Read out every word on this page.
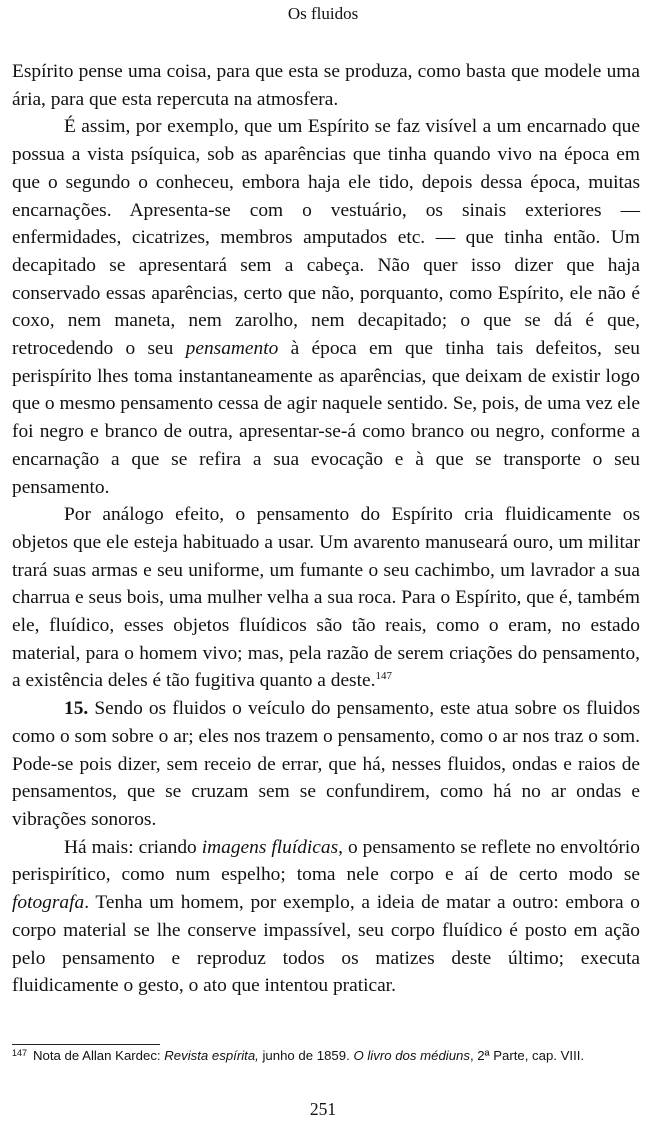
Os fluidos

Espírito pense uma coisa, para que esta se produza, como basta que modele uma ária, para que esta repercuta na atmosfera.

É assim, por exemplo, que um Espírito se faz visível a um encarnado que possua a vista psíquica, sob as aparências que tinha quando vivo na época em que o segundo o conheceu, embora haja ele tido, depois dessa época, muitas encarnações. Apresenta-se com o vestuário, os sinais exteriores — enfermidades, cicatrizes, membros amputados etc. — que tinha então. Um decapitado se apresentará sem a cabeça. Não quer isso dizer que haja conservado essas aparências, certo que não, porquanto, como Espírito, ele não é coxo, nem maneta, nem zarolho, nem decapitado; o que se dá é que, retrocedendo o seu pensamento à época em que tinha tais defeitos, seu perispírito lhes toma instantaneamente as aparências, que deixam de existir logo que o mesmo pensamento cessa de agir naquele sentido. Se, pois, de uma vez ele foi negro e branco de outra, apresentar-se-á como branco ou negro, conforme a encarnação a que se refira a sua evocação e à que se transporte o seu pensamento.

Por análogo efeito, o pensamento do Espírito cria fluidicamente os objetos que ele esteja habituado a usar. Um avarento manuseará ouro, um militar trará suas armas e seu uniforme, um fumante o seu cachimbo, um lavrador a sua charrua e seus bois, uma mulher velha a sua roca. Para o Espírito, que é, também ele, fluídico, esses objetos fluídicos são tão reais, como o eram, no estado material, para o homem vivo; mas, pela razão de serem criações do pensamento, a existência deles é tão fugitiva quanto a deste.$^{147}$

15. Sendo os fluidos o veículo do pensamento, este atua sobre os fluidos como o som sobre o ar; eles nos trazem o pensamento, como o ar nos traz o som. Pode-se pois dizer, sem receio de errar, que há, nesses fluidos, ondas e raios de pensamentos, que se cruzam sem se confundirem, como há no ar ondas e vibrações sonoros.

Há mais: criando imagens fluídicas, o pensamento se reflete no envoltório perispirítico, como num espelho; toma nele corpo e aí de certo modo se fotografa. Tenha um homem, por exemplo, a ideia de matar a outro: embora o corpo material se lhe conserve impassível, seu corpo fluídico é posto em ação pelo pensamento e reproduz todos os matizes deste último; executa fluidicamente o gesto, o ato que intentou praticar.

$^{147}$ Nota de Allan Kardec: Revista espírita, junho de 1859. O livro dos médiuns, 2ª Parte, cap. VIII.
251
